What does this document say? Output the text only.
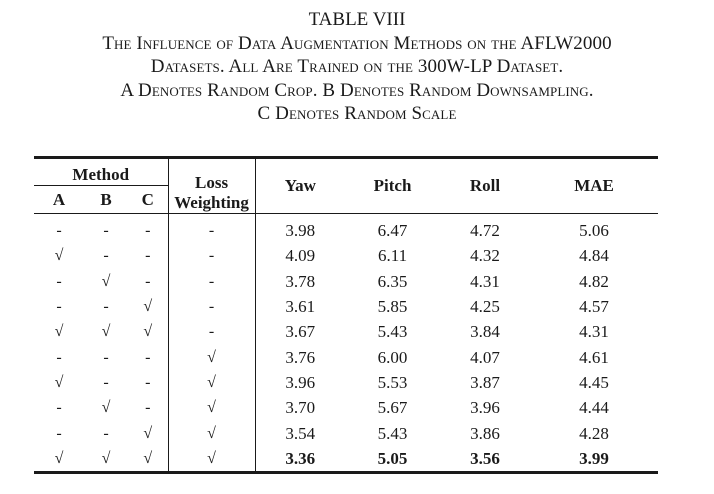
TABLE VIII
The Influence of Data Augmentation Methods on the AFLW2000
Datasets. All Are Trained on the 300W-LP Dataset.
A Denotes Random Crop. B Denotes Random Downsampling.
C Denotes Random Scale
Method			Loss
Weighting	Yaw	Pitch	Roll	MAE
A	B	C					
-	-	-	-	3.98	6.47	4.72	5.06
√	-	-	-	4.09	6.11	4.32	4.84
-	√	-	-	3.78	6.35	4.31	4.82
-	-	√	-	3.61	5.85	4.25	4.57
√	√	√	-	3.67	5.43	3.84	4.31
-	-	-	√	3.76	6.00	4.07	4.61
√	-	-	√	3.96	5.53	3.87	4.45
-	√	-	√	3.70	5.67	3.96	4.44
-	-	√	√	3.54	5.43	3.86	4.28
√	√	√	√	3.36	5.05	3.56	3.99
